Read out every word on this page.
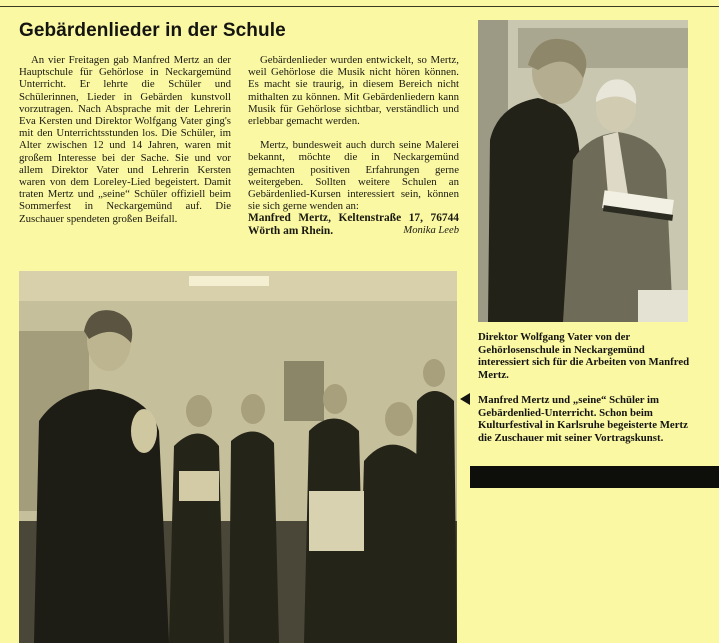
Gebärdenlieder in der Schule

An vier Freitagen gab Manfred Mertz an der Hauptschule für Gehörlose in Neckargemünd Unterricht. Er lehrte die Schüler und Schülerinnen, Lieder in Gebärden kunstvoll vorzutragen. Nach Absprache mit der Lehrerin Eva Kersten und Direktor Wolfgang Vater ging's mit den Unterrichtsstunden los. Die Schüler, im Alter zwischen 12 und 14 Jahren, waren mit großem Interesse bei der Sache. Sie und vor allem Direktor Vater und Lehrerin Kersten waren von dem Loreley-Lied begeistert. Damit traten Mertz und „seine“ Schüler offiziell beim Sommerfest in Neckargemünd auf. Die Zuschauer spendeten großen Beifall.

Gebärdenlieder wurden entwickelt, so Mertz, weil Gehörlose die Musik nicht hören können. Es macht sie traurig, in diesem Bereich nicht mithalten zu können. Mit Gebärdenliedern kann Musik für Gehörlose sichtbar, verständlich und erlebbar gemacht werden.

Mertz, bundesweit auch durch seine Malerei bekannt, möchte die in Neckargemünd gemachten positiven Erfahrungen gerne weitergeben. Sollten weitere Schulen an Gebärdenlied-Kursen interessiert sein, können sie sich gerne wenden an:

Manfred Mertz, Keltenstraße 17, 76744 Wörth am Rhein.	Monika Leeb
Direktor Wolfgang Vater von der Gehörlosenschule in Neckargemünd interessiert sich für die Arbeiten von Manfred Mertz.
Manfred Mertz und „seine“ Schüler im Gebärdenlied-Unterricht. Schon beim Kulturfestival in Karlsruhe begeisterte Mertz die Zuschauer mit seiner Vortragskunst.
